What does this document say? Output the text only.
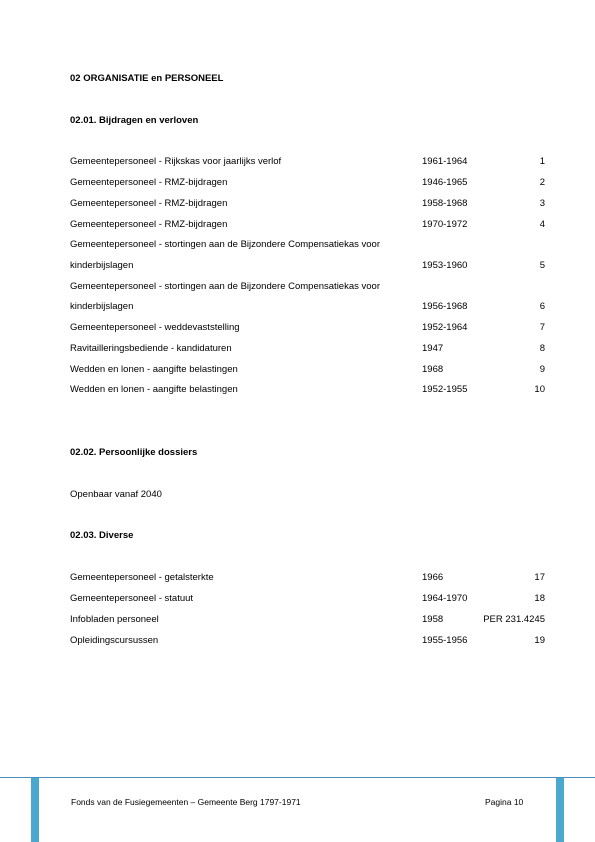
02 ORGANISATIE en PERSONEEL
02.01. Bijdragen en verloven
Gemeentepersoneel - Rijkskas voor jaarlijks verlof	1961-1964	1
Gemeentepersoneel - RMZ-bijdragen	1946-1965	2
Gemeentepersoneel - RMZ-bijdragen	1958-1968	3
Gemeentepersoneel - RMZ-bijdragen	1970-1972	4
Gemeentepersoneel - stortingen aan de Bijzondere Compensatiekas voor
kinderbijslagen	1953-1960	5
Gemeentepersoneel - stortingen aan de Bijzondere Compensatiekas voor
kinderbijslagen	1956-1968	6
Gemeentepersoneel - weddevaststelling	1952-1964	7
Ravitailleringsbediende - kandidaturen	1947	8
Wedden en lonen - aangifte belastingen	1968	9
Wedden en lonen - aangifte belastingen	1952-1955	10
02.02. Persoonlijke dossiers
Openbaar vanaf 2040
02.03. Diverse
Gemeentepersoneel - getalsterkte	1966	17
Gemeentepersoneel - statuut	1964-1970	18
Infobladen personeel	1958	PER 231.4245
Opleidingscursussen	1955-1956	19
Fonds van de Fusiegemeenten – Gemeente Berg 1797-1971	Pagina 10
